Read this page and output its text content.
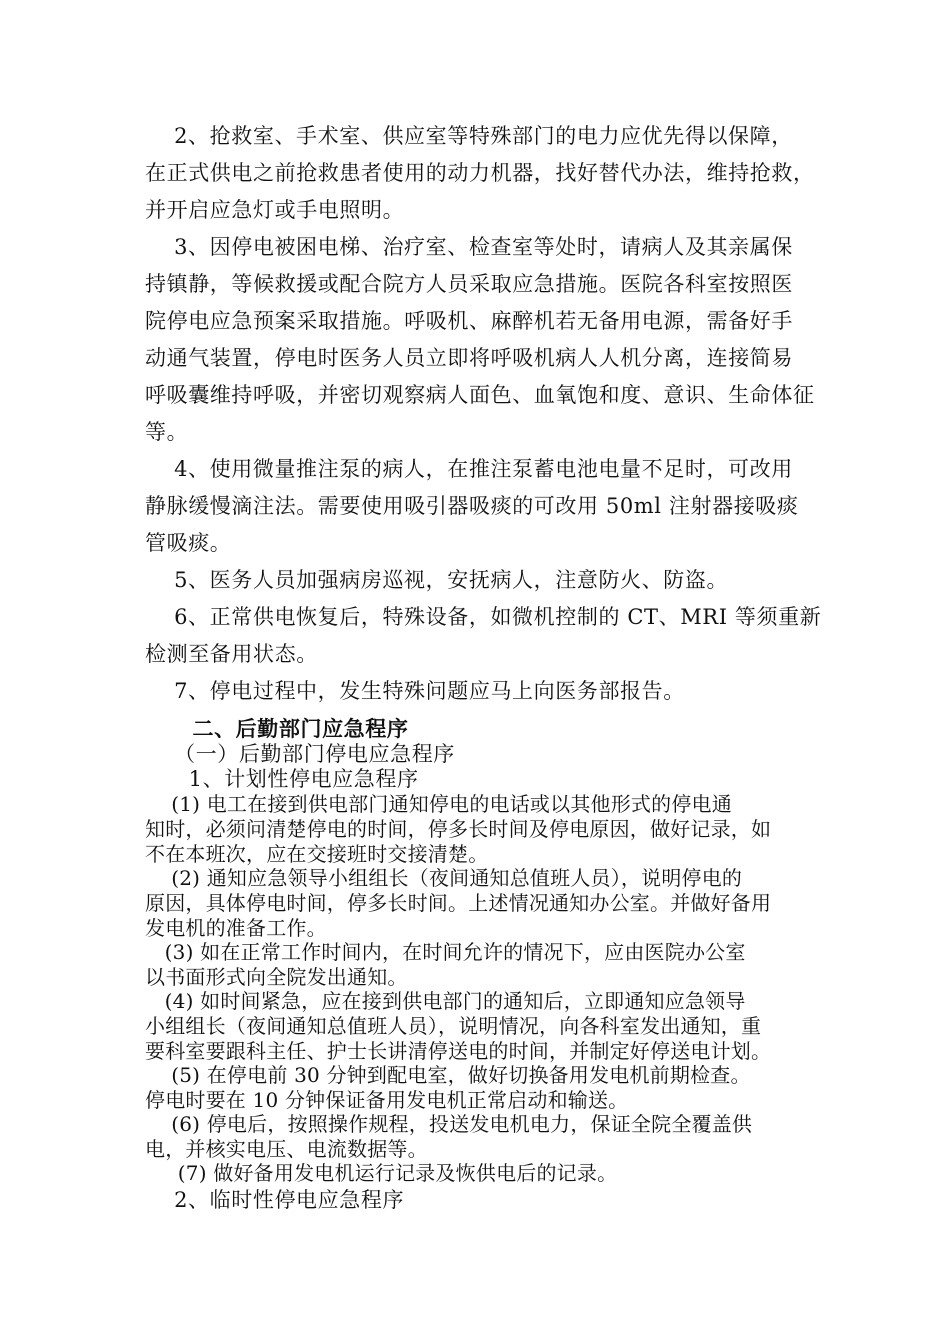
2、抢救室、手术室、供应室等特殊部门的电力应优先得以保障，
在正式供电之前抢救患者使用的动力机器，找好替代办法，维持抢救，
并开启应急灯或手电照明。
3、因停电被困电梯、治疗室、检查室等处时，请病人及其亲属保
持镇静，等候救援或配合院方人员采取应急措施。医院各科室按照医
院停电应急预案采取措施。呼吸机、麻醉机若无备用电源，需备好手
动通气装置，停电时医务人员立即将呼吸机病人人机分离，连接简易
呼吸囊维持呼吸，并密切观察病人面色、血氧饱和度、意识、生命体征
等。
4、使用微量推注泵的病人，在推注泵蓄电池电量不足时，可改用
静脉缓慢滴注法。需要使用吸引器吸痰的可改用 50ml 注射器接吸痰
管吸痰。
5、医务人员加强病房巡视，安抚病人，注意防火、防盗。
6、正常供电恢复后，特殊设备，如微机控制的 CT、MRI 等须重新
检测至备用状态。
7、停电过程中，发生特殊问题应马上向医务部报告。
二、后勤部门应急程序
（一）后勤部门停电应急程序
1、计划性停电应急程序
(1) 电工在接到供电部门通知停电的电话或以其他形式的停电通
知时，必须问清楚停电的时间，停多长时间及停电原因，做好记录，如
不在本班次，应在交接班时交接清楚。
(2) 通知应急领导小组组长（夜间通知总值班人员），说明停电的
原因，具体停电时间，停多长时间。上述情况通知办公室。并做好备用
发电机的准备工作。
(3) 如在正常工作时间内，在时间允许的情况下，应由医院办公室
以书面形式向全院发出通知。
(4) 如时间紧急，应在接到供电部门的通知后，立即通知应急领导
小组组长（夜间通知总值班人员），说明情况，向各科室发出通知，重
要科室要跟科主任、护士长讲清停送电的时间，并制定好停送电计划。
(5) 在停电前 30 分钟到配电室，做好切换备用发电机前期检查。
停电时要在 10 分钟保证备用发电机正常启动和输送。
(6) 停电后，按照操作规程，投送发电机电力，保证全院全覆盖供
电，并核实电压、电流数据等。
(7) 做好备用发电机运行记录及恢供电后的记录。
2、临时性停电应急程序
